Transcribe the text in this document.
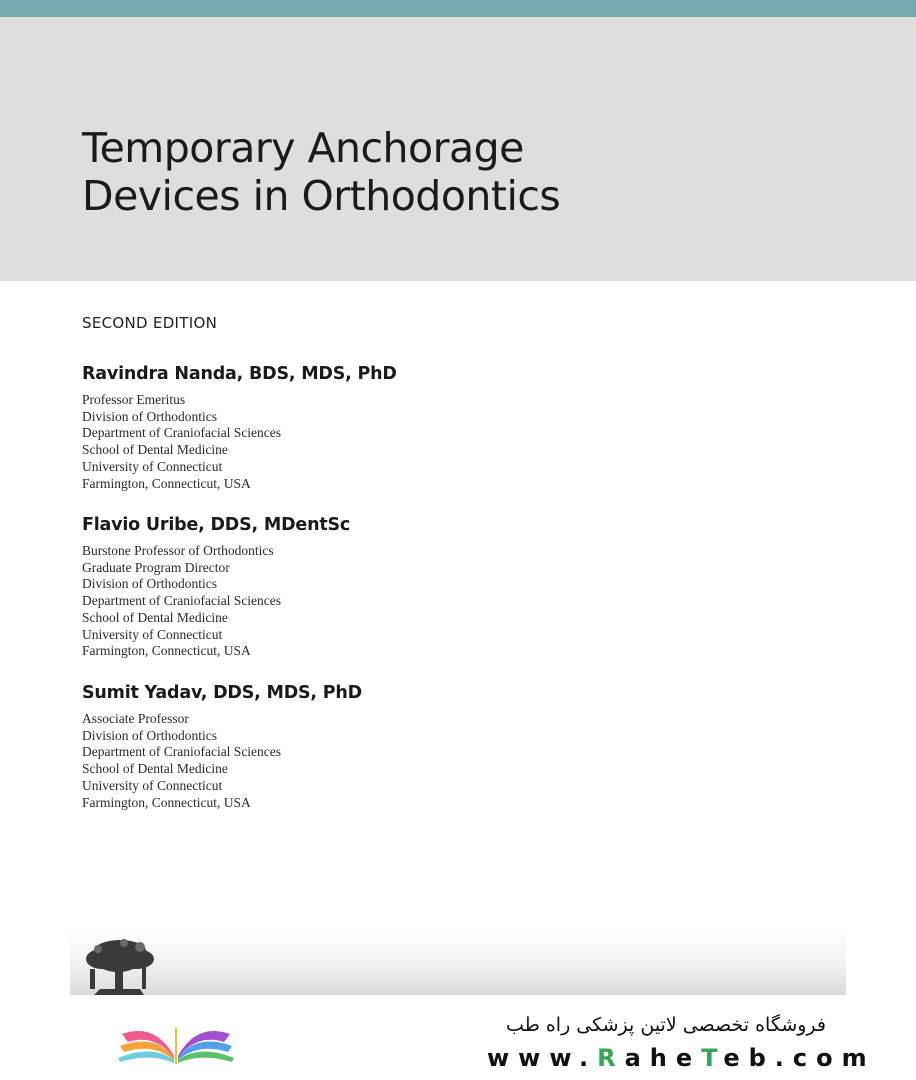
Temporary Anchorage
Devices in Orthodontics
SECOND EDITION
Ravindra Nanda, BDS, MDS, PhD
Professor Emeritus
Division of Orthodontics
Department of Craniofacial Sciences
School of Dental Medicine
University of Connecticut
Farmington, Connecticut, USA
Flavio Uribe, DDS, MDentSc
Burstone Professor of Orthodontics
Graduate Program Director
Division of Orthodontics
Department of Craniofacial Sciences
School of Dental Medicine
University of Connecticut
Farmington, Connecticut, USA
Sumit Yadav, DDS, MDS, PhD
Associate Professor
Division of Orthodontics
Department of Craniofacial Sciences
School of Dental Medicine
University of Connecticut
Farmington, Connecticut, USA
فروشگاه تخصصی لاتین پزشکی راه طب
www.RaheTeb.com
